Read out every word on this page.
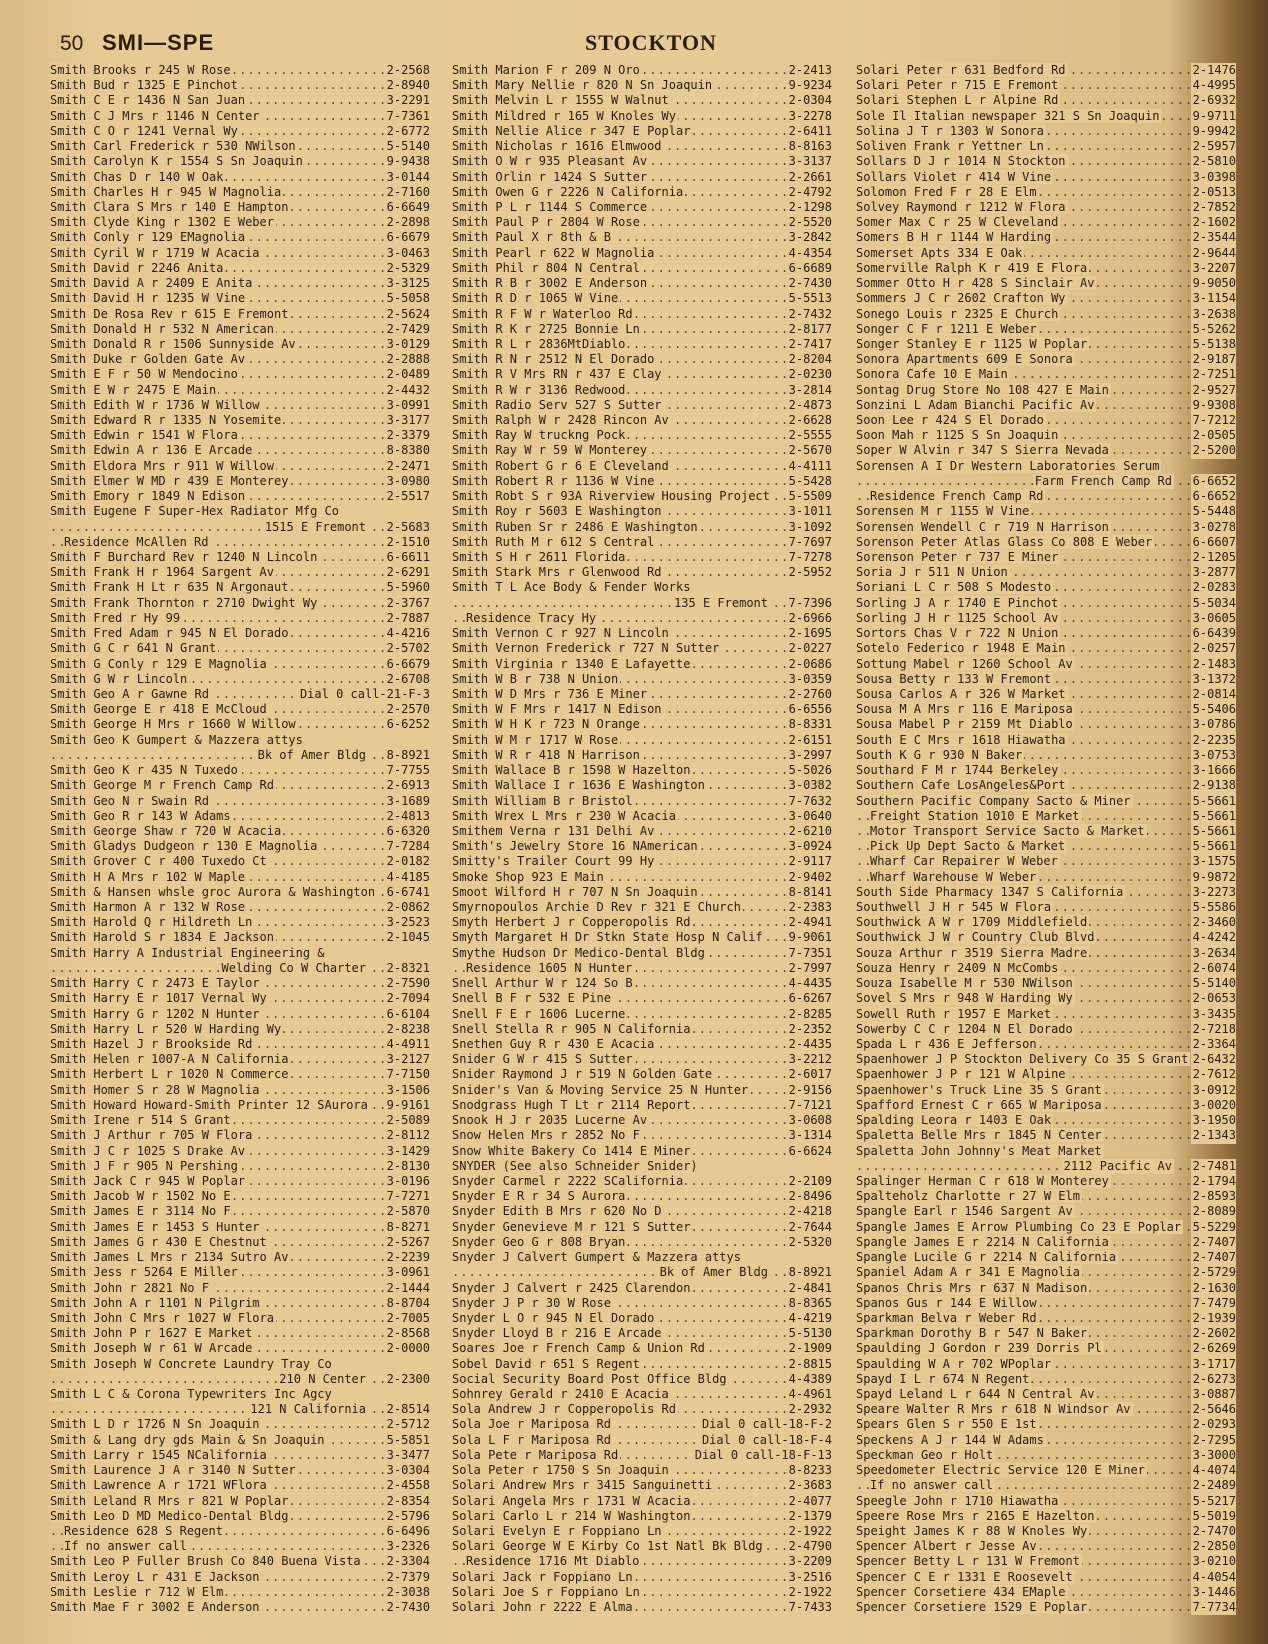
50 SMI—SPE	STOCKTON
..... Smith Brooks r 245 W Rose	2-2568
..... Smith Bud r 1325 E Pinchot	2-8940
..... Smith C E r 1436 N San Juan	3-2291
..... Smith C J Mrs r 1146 N Center	7-7361
..... Smith C O r 1241 Vernal Wy	2-6772
..... Smith Carl Frederick r 530 NWilson	5-5140
..... Smith Carolyn K r 1554 S Sn Joaquin	9-9438
..... Smith Chas D r 140 W Oak	3-0144
..... Smith Charles H r 945 W Magnolia	2-7160
..... Smith Clara S Mrs r 140 E Hampton	6-6649
..... Smith Clyde King r 1302 E Weber	2-2898
..... Smith Conly r 129 EMagnolia	6-6679
..... Smith Cyril W r 1719 W Acacia	3-0463
..... Smith David r 2246 Anita	2-5329
..... Smith David A r 2409 E Anita	3-3125
..... Smith David H r 1235 W Vine	5-5058
..... Smith De Rosa Rev r 615 E Fremont	2-5624
..... Smith Donald H r 532 N American	2-7429
..... Smith Donald R r 1506 Sunnyside Av	3-0129
..... Smith Duke r Golden Gate Av	2-2888
..... Smith E F r 50 W Mendocino	2-0489
..... Smith E W r 2475 E Main	2-4432
..... Smith Edith W r 1736 W Willow	3-0991
..... Smith Edward R r 1335 N Yosemite	3-3177
..... Smith Edwin r 1541 W Flora	2-3379
..... Smith Edwin A r 136 E Arcade	8-8380
..... Smith Eldora Mrs r 911 W Willow	2-2471
..... Smith Elmer W MD r 439 E Monterey	3-0980
..... Smith Emory r 1849 N Edison	2-5517
Smith Eugene F Super-Hex Radiator Mfg Co
..... 1515 E Fremont 2-5683
..... Residence McAllen Rd	2-1510
..... Smith F Burchard Rev r 1240 N Lincoln	6-6611
..... Smith Frank H r 1964 Sargent Av	2-6291
..... Smith Frank H Lt r 635 N Argonaut	5-5960
..... Smith Frank Thornton r 2710 Dwight Wy	2-3767
..... Smith Fred r Hy 99	2-7887
..... Smith Fred Adam r 945 N El Dorado	4-4216
..... Smith G C r 641 N Grant	2-5702
..... Smith G Conly r 129 E Magnolia	6-6679
..... Smith G W r Lincoln	2-6708
..... Smith Geo A r Gawne Rd	Dial 0 call-21-F-3
..... Smith George E r 418 E McCloud	2-2570
..... Smith George H Mrs r 1660 W Willow	6-6252
Smith Geo K Gumpert & Mazzera attys
..... Bk of Amer Bldg 8-8921
..... Smith Geo K r 435 N Tuxedo	7-7755
..... Smith George M r French Camp Rd	2-6913
..... Smith Geo N r Swain Rd	3-1689
..... Smith Geo R r 143 W Adams	2-4813
..... Smith George Shaw r 720 W Acacia	6-6320
..... Smith Gladys Dudgeon r 130 E Magnolia	7-7284
..... Smith Grover C r 400 Tuxedo Ct	2-0182
..... Smith H A Mrs r 102 W Maple	4-4185
..... Smith & Hansen whsle groc Aurora & Washington 6-6741
..... Smith Harmon A r 132 W Rose	2-0862
..... Smith Harold Q r Hildreth Ln	3-2523
..... Smith Harold S r 1834 E Jackson	2-1045
Smith Harry A Industrial Engineering &
..... Welding Co W Charter 2-8321
..... Smith Harry C r 2473 E Taylor	2-7590
..... Smith Harry E r 1017 Vernal Wy	2-7094
..... Smith Harry G r 1202 N Hunter	6-6104
..... Smith Harry L r 520 W Harding Wy	2-8238
..... Smith Hazel J r Brookside Rd	4-4911
..... Smith Helen r 1007-A N California	3-2127
..... Smith Herbert L r 1020 N Commerce	7-7150
..... Smith Homer S r 28 W Magnolia	3-1506
..... Smith Howard Howard-Smith Printer 12 SAurora 9-9161
..... Smith Irene r 514 S Grant	2-5089
..... Smith J Arthur r 705 W Flora	2-8112
..... Smith J C r 1025 S Drake Av	3-1429
..... Smith J F r 905 N Pershing	2-8130
..... Smith Jack C r 945 W Poplar	3-0196
..... Smith Jacob W r 1502 No E	7-7271
..... Smith James E r 3114 No F	2-5870
..... Smith James E r 1453 S Hunter	8-8271
..... Smith James G r 430 E Chestnut	2-5267
..... Smith James L Mrs r 2134 Sutro Av	2-2239
..... Smith Jess r 5264 E Miller	3-0961
..... Smith John r 2821 No F	2-1444
..... Smith John A r 1101 N Pilgrim	8-8704
..... Smith John C Mrs r 1027 W Flora	2-7005
..... Smith John P r 1627 E Market	2-8568
..... Smith Joseph W r 61 W Arcade	2-0000
Smith Joseph W Concrete Laundry Tray Co
..... 210 N Center 2-2300
Smith L C & Corona Typewriters Inc Agcy
..... 121 N California 2-8514
..... Smith L D r 1726 N Sn Joaquin	2-5712
..... Smith & Lang dry gds Main & Sn Joaquin	5-5851
..... Smith Larry r 1545 NCalifornia	3-3477
..... Smith Laurence J A r 3140 N Sutter	3-0304
..... Smith Lawrence A r 1721 WFlora	2-4558
..... Smith Leland R Mrs r 821 W Poplar	2-8354
..... Smith Leo D MD Medico-Dental Bldg	2-5796
..... Residence 628 S Regent	6-6496
..... If no answer call	3-2326
..... Smith Leo P Fuller Brush Co 840 Buena Vista 2-3304
..... Smith Leroy L r 431 E Jackson	2-7379
..... Smith Leslie r 712 W Elm	2-3038
..... Smith Mae F r 3002 E Anderson	2-7430
..... Smith Marion F r 209 N Oro	2-2413
..... Smith Mary Nellie r 820 N Sn Joaquin	9-9234
..... Smith Melvin L r 1555 W Walnut	2-0304
..... Smith Mildred r 165 W Knoles Wy	3-2278
..... Smith Nellie Alice r 347 E Poplar	2-6411
..... Smith Nicholas r 1616 Elmwood	8-8163
..... Smith O W r 935 Pleasant Av	3-3137
..... Smith Orlin r 1424 S Sutter	2-2661
..... Smith Owen G r 2226 N California	2-4792
..... Smith P L r 1144 S Commerce	2-1298
..... Smith Paul P r 2804 W Rose	2-5520
..... Smith Paul X r 8th & B	3-2842
..... Smith Pearl r 622 W Magnolia	4-4354
..... Smith Phil r 804 N Central	6-6689
..... Smith R B r 3002 E Anderson	2-7430
..... Smith R D r 1065 W Vine	5-5513
..... Smith R F W r Waterloo Rd	2-7432
..... Smith R K r 2725 Bonnie Ln	2-8177
..... Smith R L r 2836MtDiablo	2-7417
..... Smith R N r 2512 N El Dorado	2-8204
..... Smith R V Mrs RN r 437 E Clay	2-0230
..... Smith R W r 3136 Redwood	3-2814
..... Smith Radio Serv 527 S Sutter	2-4873
..... Smith Ralph W r 2428 Rincon Av	2-6628
..... Smith Ray W truckng Pock	2-5555
..... Smith Ray W r 59 W Monterey	2-5670
..... Smith Robert G r 6 E Cleveland	4-4111
..... Smith Robert R r 1136 W Vine	5-5428
..... Smith Robt S r 93A Riverview Housing Project 5-5509
..... Smith Roy r 5603 E Washington	3-1011
..... Smith Ruben Sr r 2486 E Washington	3-1092
..... Smith Ruth M r 612 S Central	7-7697
..... Smith S H r 2611 Florida	7-7278
..... Smith Stark Mrs r Glenwood Rd	2-5952
Smith T L Ace Body & Fender Works
..... 135 E Fremont 7-7396
..... Residence Tracy Hy	2-6966
..... Smith Vernon C r 927 N Lincoln	2-1695
..... Smith Vernon Frederick r 727 N Sutter	2-0227
..... Smith Virginia r 1340 E Lafayette	2-0686
..... Smith W B r 738 N Union	3-0359
..... Smith W D Mrs r 736 E Miner	2-2760
..... Smith W F Mrs r 1417 N Edison	6-6556
..... Smith W H K r 723 N Orange	8-8331
..... Smith W M r 1717 W Rose	2-6151
..... Smith W R r 418 N Harrison	3-2997
..... Smith Wallace B r 1598 W Hazelton	5-5026
..... Smith Wallace I r 1636 E Washington	3-0382
..... Smith William B r Bristol	7-7632
..... Smith Wrex L Mrs r 230 W Acacia	3-0640
..... Smithem Verna r 131 Delhi Av	2-6210
..... Smith's Jewelry Store 16 NAmerican	3-0924
..... Smitty's Trailer Court 99 Hy	2-9117
..... Smoke Shop 923 E Main	2-9402
..... Smoot Wilford H r 707 N Sn Joaquin	8-8141
..... Smyrnopoulos Archie D Rev r 321 E Church	2-2383
..... Smyth Herbert J r Copperopolis Rd	2-4941
..... Smyth Margaret H Dr Stkn State Hosp N Calif 9-9061
..... Smythe Hudson Dr Medico-Dental Bldg	7-7351
..... Residence 1605 N Hunter	2-7997
..... Snell Arthur W r 124 So B	4-4435
..... Snell B F r 532 E Pine	6-6267
..... Snell F E r 1606 Lucerne	2-8285
..... Snell Stella R r 905 N California	2-2352
..... Snethen Guy R r 430 E Acacia	2-4435
..... Snider G W r 415 S Sutter	3-2212
..... Snider Raymond J r 519 N Golden Gate	2-6017
..... Snider's Van & Moving Service 25 N Hunter	2-9156
..... Snodgrass Hugh T Lt r 2114 Report	7-7121
..... Snook H J r 2035 Lucerne Av	3-0608
..... Snow Helen Mrs r 2852 No F	3-1314
..... Snow White Bakery Co 1414 E Miner	6-6624
SNYDER (See also Schneider Snider)
..... Snyder Carmel r 2222 SCalifornia	2-2109
..... Snyder E R r 34 S Aurora	2-8496
..... Snyder Edith B Mrs r 620 No D	2-4218
..... Snyder Genevieve M r 121 S Sutter	2-7644
..... Snyder Geo G r 808 Bryan	2-5320
Snyder J Calvert Gumpert & Mazzera attys
..... Bk of Amer Bldg 8-8921
..... Snyder J Calvert r 2425 Clarendon	2-4841
..... Snyder J P r 30 W Rose	8-8365
..... Snyder L O r 945 N El Dorado	4-4219
..... Snyder Lloyd B r 216 E Arcade	5-5130
..... Soares Joe r French Camp & Union Rd	2-1909
..... Sobel David r 651 S Regent	2-8815
..... Social Security Board Post Office Bldg	4-4389
..... Sohnrey Gerald r 2410 E Acacia	4-4961
..... Sola Andrew J r Copperopolis Rd	2-2932
..... Sola Joe r Mariposa Rd	Dial 0 call-18-F-2
..... Sola L F r Mariposa Rd	Dial 0 call-18-F-4
..... Sola Pete r Mariposa Rd	Dial 0 call-18-F-13
..... Sola Peter r 1750 S Sn Joaquin	8-8233
..... Solari Andrew Mrs r 3415 Sanguinetti	2-3683
..... Solari Angela Mrs r 1731 W Acacia	2-4077
..... Solari Carlo L r 214 W Washington	2-1379
..... Solari Evelyn E r Foppiano Ln	2-1922
..... Solari George W E Kirby Co 1st Natl Bk Bldg 2-4790
..... Residence 1716 Mt Diablo	3-2209
..... Solari Jack r Foppiano Ln	3-2516
..... Solari Joe S r Foppiano Ln	2-1922
..... Solari John r 2222 E Alma	7-7433
..... Solari Peter r 631 Bedford Rd	2-1476
..... Solari Peter r 715 E Fremont	4-4995
..... Solari Stephen L r Alpine Rd	2-6932
..... Sole Il Italian newspaper 321 S Sn Joaquin	9-9711
..... Solina J T r 1303 W Sonora	9-9942
..... Soliven Frank r Yettner Ln	2-5957
..... Sollars D J r 1014 N Stockton	2-5810
..... Sollars Violet r 414 W Vine	3-0398
..... Solomon Fred F r 28 E Elm	2-0513
..... Solvey Raymond r 1212 W Flora	2-7852
..... Somer Max C r 25 W Cleveland	2-1602
..... Somers B H r 1144 W Harding	2-3544
..... Somerset Apts 334 E Oak	2-9644
..... Somerville Ralph K r 419 E Flora	3-2207
..... Sommer Otto H r 428 S Sinclair Av	9-9050
..... Sommers J C r 2602 Crafton Wy	3-1154
..... Sonego Louis r 2325 E Church	3-2638
..... Songer C F r 1211 E Weber	5-5262
..... Songer Stanley E r 1125 W Poplar	5-5138
..... Sonora Apartments 609 E Sonora	2-9187
..... Sonora Cafe 10 E Main	2-7251
..... Sontag Drug Store No 108 427 E Main	2-9527
..... Sonzini L Adam Bianchi Pacific Av	9-9308
..... Soon Lee r 424 S El Dorado	7-7212
..... Soon Mah r 1125 S Sn Joaquin	2-0505
..... Soper W Alvin r 347 S Sierra Nevada	2-5200
Sorensen A I Dr Western Laboratories Serum
..... Farm French Camp Rd 6-6652
..... Residence French Camp Rd	6-6652
..... Sorensen M r 1155 W Vine	5-5448
..... Sorensen Wendell C r 719 N Harrison	3-0278
..... Sorenson Peter Atlas Glass Co 808 E Weber	6-6607
..... Sorenson Peter r 737 E Miner	2-1205
..... Soria J r 511 N Union	3-2877
..... Soriani L C r 508 S Modesto	2-0283
..... Sorling J A r 1740 E Pinchot	5-5034
..... Sorling J H r 1125 School Av	3-0605
..... Sortors Chas V r 722 N Union	6-6439
..... Sotelo Federico r 1948 E Main	2-0257
..... Sottung Mabel r 1260 School Av	2-1483
..... Sousa Betty r 133 W Fremont	3-1372
..... Sousa Carlos A r 326 W Market	2-0814
..... Sousa M A Mrs r 116 E Mariposa	5-5406
..... Sousa Mabel P r 2159 Mt Diablo	3-0786
..... South E C Mrs r 1618 Hiawatha	2-2235
..... South K G r 930 N Baker	3-0753
..... Southard F M r 1744 Berkeley	3-1666
..... Southern Cafe LosAngeles&Port	2-9138
..... Southern Pacific Company Sacto & Miner	5-5661
..... Freight Station 1010 E Market	5-5661
..... Motor Transport Service Sacto & Market	5-5661
..... Pick Up Dept Sacto & Market	5-5661
..... Wharf Car Repairer W Weber	3-1575
..... Wharf Warehouse W Weber	9-9872
..... South Side Pharmacy 1347 S California	3-2273
..... Southwell J H r 545 W Flora	5-5586
..... Southwick A W r 1709 Middlefield	2-3460
..... Southwick J W r Country Club Blvd	4-4242
..... Souza Arthur r 3519 Sierra Madre	3-2634
..... Souza Henry r 2409 N McCombs	2-6074
..... Souza Isabelle M r 530 NWilson	5-5140
..... Sovel S Mrs r 948 W Harding Wy	2-0653
..... Sowell Ruth r 1957 E Market	3-3435
..... Sowerby C C r 1204 N El Dorado	2-7218
..... Spada L r 436 E Jefferson	2-3364
..... Spaenhower J P Stockton Delivery Co 35 S Grant 2-6432
..... Spaenhower J P r 121 W Alpine	2-7612
..... Spaenhower's Truck Line 35 S Grant	3-0912
..... Spafford Ernest C r 665 W Mariposa	3-0020
..... Spalding Leora r 1403 E Oak	3-1950
..... Spaletta Belle Mrs r 1845 N Center	2-1343
Spaletta John Johnny's Meat Market
..... 2112 Pacific Av 2-7481
..... Spalinger Herman C r 618 W Monterey	2-1794
..... Spalteholz Charlotte r 27 W Elm	2-8593
..... Spangle Earl r 1546 Sargent Av	2-8089
..... Spangle James E Arrow Plumbing Co 23 E Poplar 5-5229
..... Spangle James E r 2214 N California	2-7407
..... Spangle Lucile G r 2214 N California	2-7407
..... Spaniel Adam A r 341 E Magnolia	2-5729
..... Spanos Chris Mrs r 637 N Madison	2-1630
..... Spanos Gus r 144 E Willow	7-7479
..... Sparkman Belva r Weber Rd	2-1939
..... Sparkman Dorothy B r 547 N Baker	2-2602
..... Spaulding J Gordon r 239 Dorris Pl	2-6269
..... Spaulding W A r 702 WPoplar	3-1717
..... Spayd I L r 674 N Regent	2-6273
..... Spayd Leland L r 644 N Central Av	3-0887
..... Speare Walter R Mrs r 618 N Windsor Av	2-5646
..... Spears Glen S r 550 E 1st	2-0293
..... Speckens A J r 144 W Adams	2-7295
..... Speckman Geo r Holt	3-3000
..... Speedometer Electric Service 120 E Miner	4-4074
..... If no answer call	2-2489
..... Speegle John r 1710 Hiawatha	5-5217
..... Speere Rose Mrs r 2165 E Hazelton	5-5019
..... Speight James K r 88 W Knoles Wy	2-7470
..... Spencer Albert r Jesse Av	2-2850
..... Spencer Betty L r 131 W Fremont	3-0210
..... Spencer C E r 1331 E Roosevelt	4-4054
..... Spencer Corsetiere 434 EMaple	3-1446
..... Spencer Corsetiere 1529 E Poplar	7-7734
